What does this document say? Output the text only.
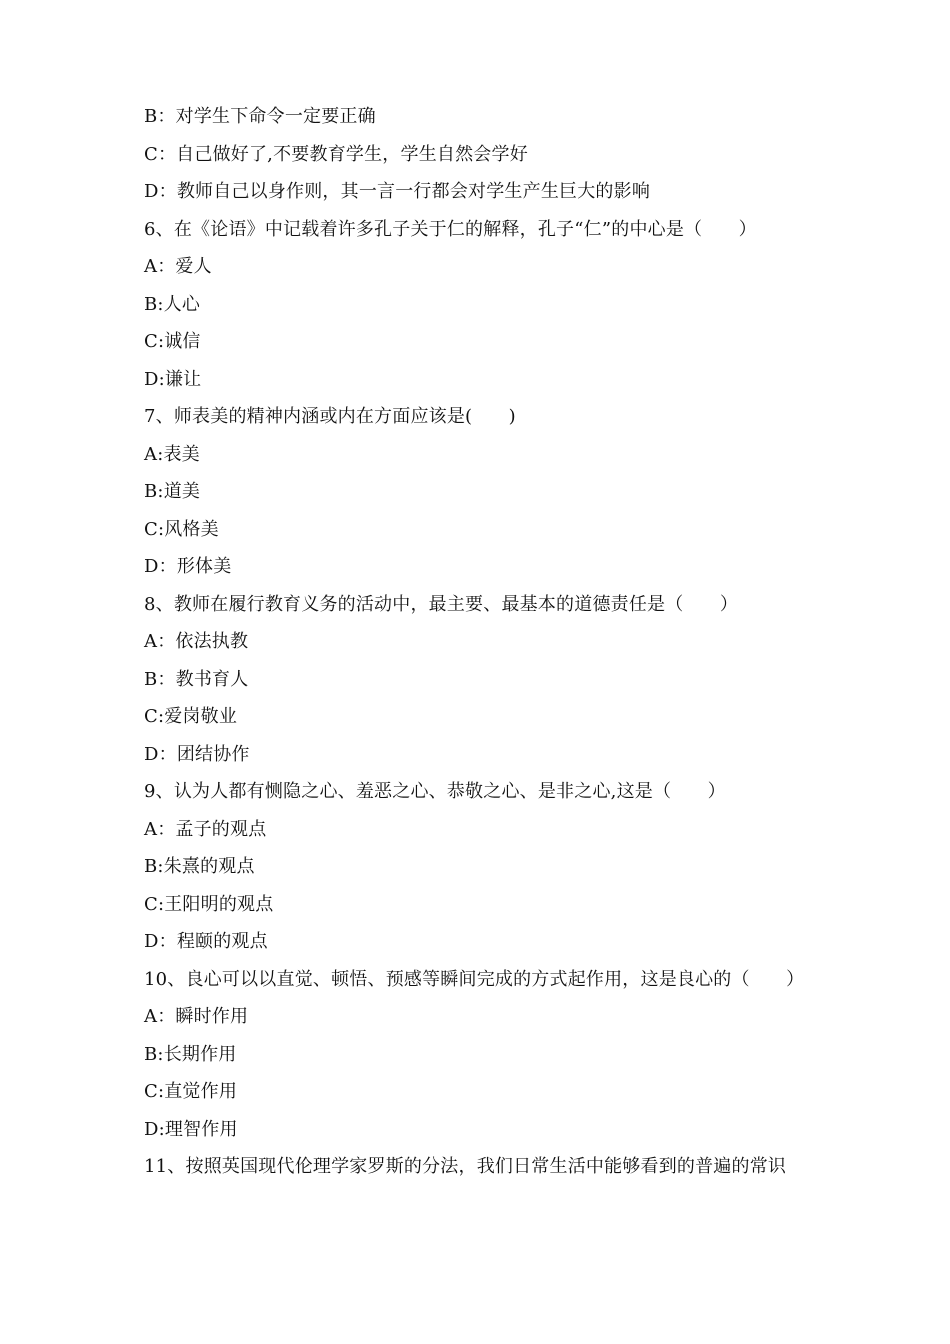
B：对学生下命令一定要正确
C：自己做好了,不要教育学生，学生自然会学好
D：教师自己以身作则，其一言一行都会对学生产生巨大的影响
6、在《论语》中记载着许多孔子关于仁的解释，孔子“仁”的中心是（　　）
A：爱人
B:人心
C:诚信
D:谦让
7、师表美的精神内涵或内在方面应该是(　　)
A:表美
B:道美
C:风格美
D：形体美
8、教师在履行教育义务的活动中，最主要、最基本的道德责任是（　　）
A：依法执教
B：教书育人
C:爱岗敬业
D：团结协作
9、认为人都有恻隐之心、羞恶之心、恭敬之心、是非之心,这是（　　）
A：孟子的观点
B:朱熹的观点
C:王阳明的观点
D：程颐的观点
10、良心可以以直觉、顿悟、预感等瞬间完成的方式起作用，这是良心的（　　）
A：瞬时作用
B:长期作用
C:直觉作用
D:理智作用
11、按照英国现代伦理学家罗斯的分法，我们日常生活中能够看到的普遍的常识
